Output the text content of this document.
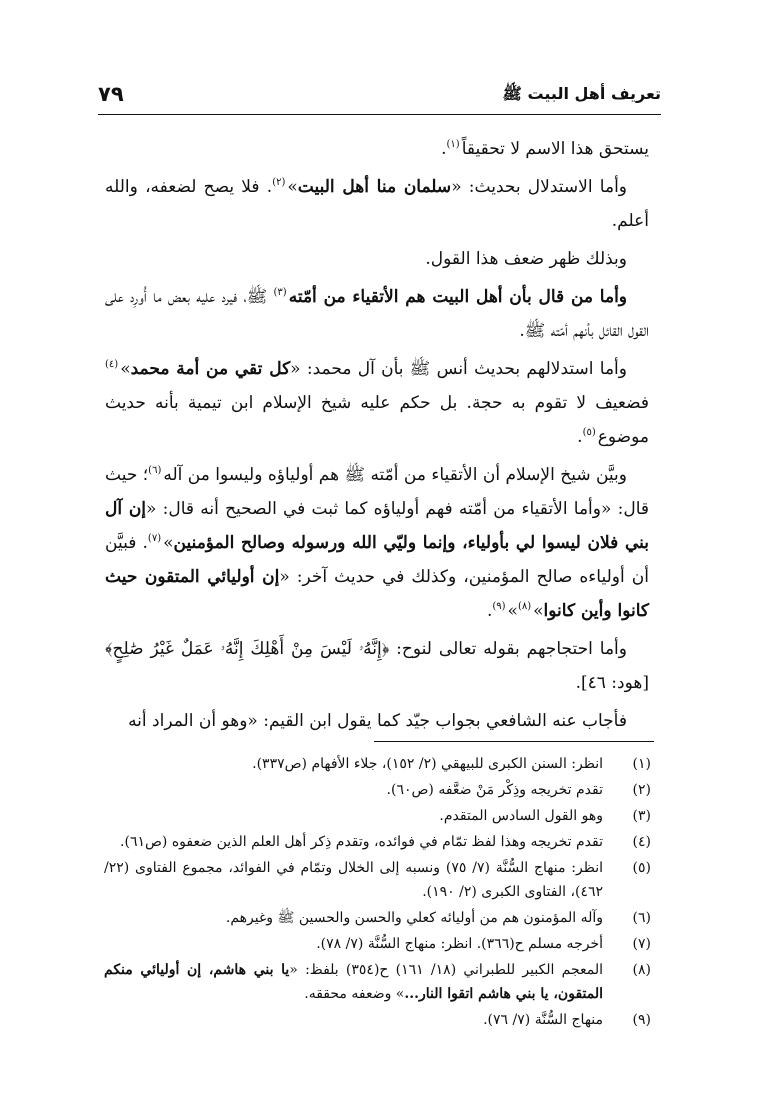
٧٩	تعريف أهل البيت ﷺ

يستحق هذا الاسم لا تحقيقاً$^{(١)}$.

وأما الاستدلال بحديث: «سلمان منا أهل البيت»$^{(٢)}$. فلا يصح لضعفه، والله أعلم.

وبذلك ظهر ضعف هذا القول.

وأما من قال بأن أهل البيت هم الأتقياء من أمّته$^{(٣)}$ ﷺ، فيرد عليه بعض ما أُورِد على القول القائل بأنهم أمّته ﷺ.

وأما استدلالهم بحديث أنس ﷺ بأن آل محمد: «كل تقي من أمة محمد»$^{(٤)}$ فضعيف لا تقوم به حجة. بل حكم عليه شيخ الإسلام ابن تيمية بأنه حديث موضوع$^{(٥)}$.

وبيَّن شيخ الإسلام أن الأتقياء من أمّته ﷺ هم أولياؤه وليسوا من آله$^{(٦)}$؛ حيث قال: «وأما الأتقياء من أمّته فهم أولياؤه كما ثبت في الصحيح أنه قال: «إن آل بني فلان ليسوا لي بأولياء، وإنما وليّي الله ورسوله وصالح المؤمنين»$^{(٧)}$. فبيَّن أن أولياءه صالح المؤمنين، وكذلك في حديث آخر: «إن أوليائي المتقون حيث كانوا وأين كانوا»$^{(٨)}$»$^{(٩)}$.

وأما احتجاجهم بقوله تعالى لنوح: ﴿إِنَّهُۥ لَيْسَ مِنْ أَهْلِكَ إِنَّهُۥ عَمَلٌ غَيْرُ صَٰلِحٍ﴾ [هود: ٤٦].

فأجاب عنه الشافعي بجواب جيّد كما يقول ابن القيم: «وهو أن المراد أنه

(١)
انظر: السنن الكبرى للبيهقي (٢/ ١٥٢)، جلاء الأفهام (ص٣٣٧).
(٢)
تقدم تخريجه وذِكْر مَنْ ضعَّفه (ص٦٠).
(٣)
وهو القول السادس المتقدم.
(٤)
تقدم تخريجه وهذا لفظ تمّام في فوائده، وتقدم ذِكر أهل العلم الذين ضعفوه (ص٦١).
(٥)
انظر: منهاج السُّنَّة (٧/ ٧٥) ونسبه إلى الخلال وتمّام في الفوائد، مجموع الفتاوى (٢٢/ ٤٦٢)، الفتاوى الكبرى (٢/ ١٩٠).
(٦)
وآله المؤمنون هم من أوليائه كعلي والحسن والحسين ﷺ وغيرهم.
(٧)
أخرجه مسلم ح(٣٦٦). انظر: منهاج السُّنَّة (٧/ ٧٨).
(٨)
المعجم الكبير للطبراني (١٨/ ١٦١) ح(٣٥٤) بلفظ: «يا بني هاشم، إن أوليائي منكم المتقون، يا بني هاشم اتقوا النار...» وضعفه محققه.
(٩)
منهاج السُّنَّة (٧/ ٧٦).
